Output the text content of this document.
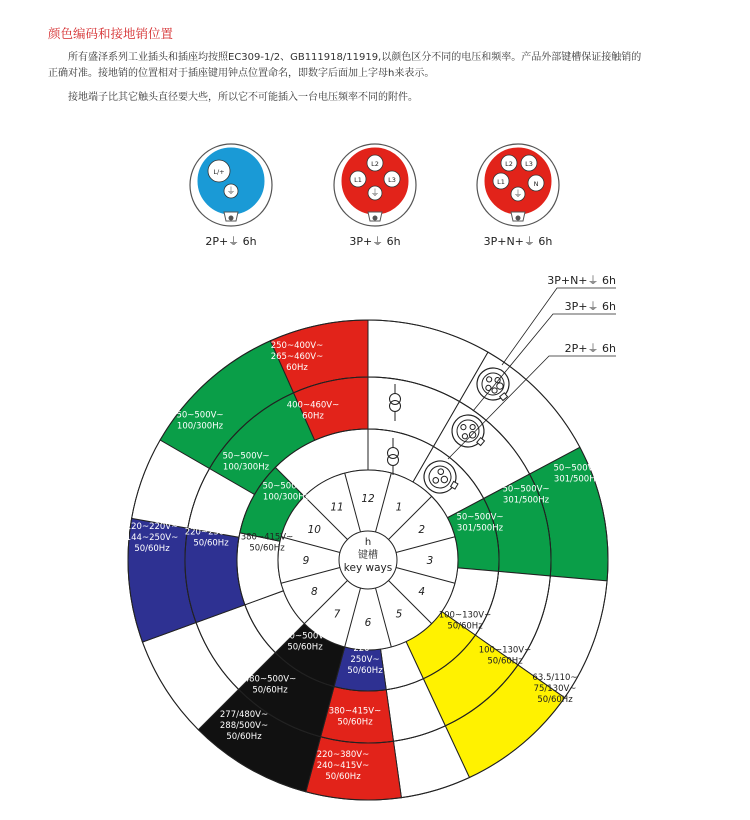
颜色编码和接地销位置
所有盛泽系列工业插头和插座均按照EC309-1/2、GB111918/11919,以颜色区分不同的电压和频率。产品外部键槽保证接触销的
正确对准。接地销的位置相对于插座键用钟点位置命名，即数字后面加上字母h来表示。
接地端子比其它触头直径要大些，所以它不可能插入一台电压频率不同的附件。
L/+
⏚
2P+⏚ 6h
L2
L1	L3
⏚
3P+⏚ 6h
L2 L3
L1	N
⏚
3P+N+⏚ 6h
1
2
3
4
5
6
7
8
9
10
11
12
h
键槽
key ways
250~400V~
265~460V~
60Hz
400~460V~
60Hz
50~500V~
100/300Hz
50~500V~
100/300Hz
50~500V~
100/300Hz
120~220V~
144~250V~
50/60Hz
220~250V~
50/60Hz
380~415V~
50/60Hz
50~500V~
301/500Hz
50~500V~
301/500Hz
50~500V~
301/500Hz
100~130V~
50/60Hz
100~130V~
50/60Hz
63.5/110~
75/130V~
50/60Hz
480~500V~
50/60Hz
480~500V~
50/60Hz
277/480V~
288/500V~
50/60Hz
220~
250V~
50/60Hz
380~415V~
50/60Hz
220~380V~
240~415V~
50/60Hz
3P+N+⏚ 6h
3P+⏚ 6h
2P+⏚ 6h
